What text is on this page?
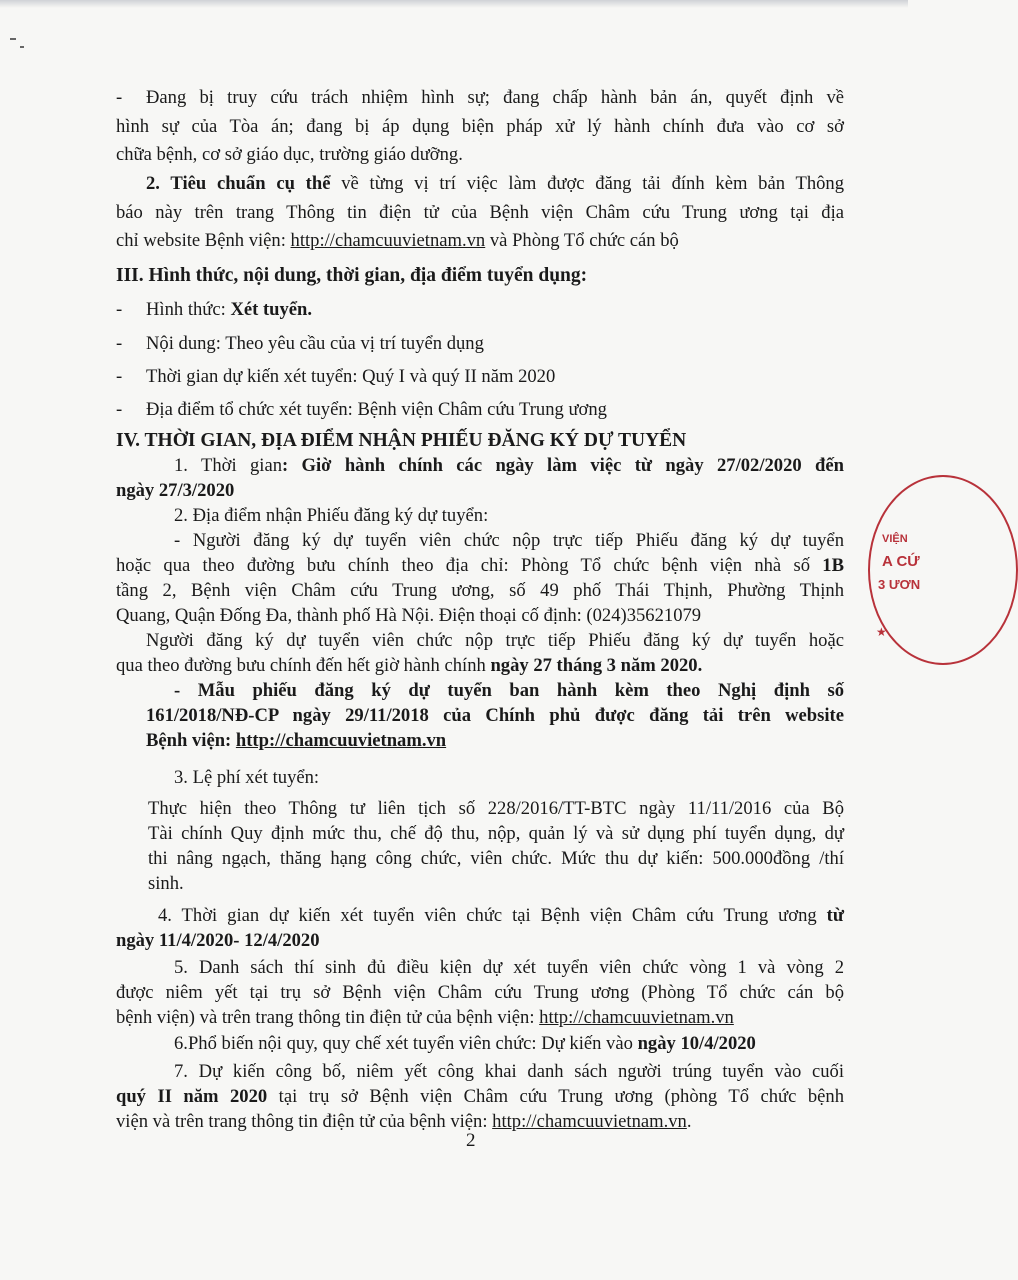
- Đang bị truy cứu trách nhiệm hình sự; đang chấp hành bản án, quyết định về
hình sự của Tòa án; đang bị áp dụng biện pháp xử lý hành chính đưa vào cơ sở
chữa bệnh, cơ sở giáo dục, trường giáo dưỡng.
2. Tiêu chuẩn cụ thể về từng vị trí việc làm được đăng tải đính kèm bản Thông
báo này trên trang Thông tin điện tử của Bệnh viện Châm cứu Trung ương tại địa
chỉ website Bệnh viện: http://chamcuuvietnam.vn và Phòng Tổ chức cán bộ
III. Hình thức, nội dung, thời gian, địa điểm tuyển dụng:
- Hình thức: Xét tuyển.
- Nội dung: Theo yêu cầu của vị trí tuyển dụng
- Thời gian dự kiến xét tuyển: Quý I và quý II năm 2020
- Địa điểm tổ chức xét tuyển: Bệnh viện Châm cứu Trung ương
IV. THỜI GIAN, ĐỊA ĐIỂM NHẬN PHIẾU ĐĂNG KÝ DỰ TUYỂN
1. Thời gian: Giờ hành chính các ngày làm việc từ ngày 27/02/2020 đến
ngày 27/3/2020
2. Địa điểm nhận Phiếu đăng ký dự tuyển:
- Người đăng ký dự tuyển viên chức nộp trực tiếp Phiếu đăng ký dự tuyển
hoặc qua theo đường bưu chính theo địa chỉ: Phòng Tổ chức bệnh viện nhà số 1B
tầng 2, Bệnh viện Châm cứu Trung ương, số 49 phố Thái Thịnh, Phường Thịnh
Quang, Quận Đống Đa, thành phố Hà Nội. Điện thoại cố định: (024)35621079
Người đăng ký dự tuyển viên chức nộp trực tiếp Phiếu đăng ký dự tuyển hoặc
qua theo đường bưu chính đến hết giờ hành chính ngày 27 tháng 3 năm 2020.
- Mẫu phiếu đăng ký dự tuyển ban hành kèm theo Nghị định số
161/2018/NĐ-CP ngày 29/11/2018 của Chính phủ được đăng tải trên website
Bệnh viện: http://chamcuuvietnam.vn
3. Lệ phí xét tuyển:
Thực hiện theo Thông tư liên tịch số 228/2016/TT-BTC ngày 11/11/2016 của Bộ
Tài chính Quy định mức thu, chế độ thu, nộp, quản lý và sử dụng phí tuyển dụng, dự
thi nâng ngạch, thăng hạng công chức, viên chức. Mức thu dự kiến: 500.000đồng /thí
sinh.
4. Thời gian dự kiến xét tuyển viên chức tại Bệnh viện Châm cứu Trung ương từ
ngày 11/4/2020- 12/4/2020
5. Danh sách thí sinh đủ điều kiện dự xét tuyển viên chức vòng 1 và vòng 2
được niêm yết tại trụ sở Bệnh viện Châm cứu Trung ương (Phòng Tổ chức cán bộ
bệnh viện) và trên trang thông tin điện tử của bệnh viện: http://chamcuuvietnam.vn
6.Phổ biến nội quy, quy chế xét tuyển viên chức: Dự kiến vào ngày 10/4/2020
7. Dự kiến công bố, niêm yết công khai danh sách người trúng tuyển vào cuối
quý II năm 2020 tại trụ sở Bệnh viện Châm cứu Trung ương (phòng Tổ chức bệnh
viện và trên trang thông tin điện tử của bệnh viện: http://chamcuuvietnam.vn.
2
VIỆN
A CỨ
3 ƯƠN
★
